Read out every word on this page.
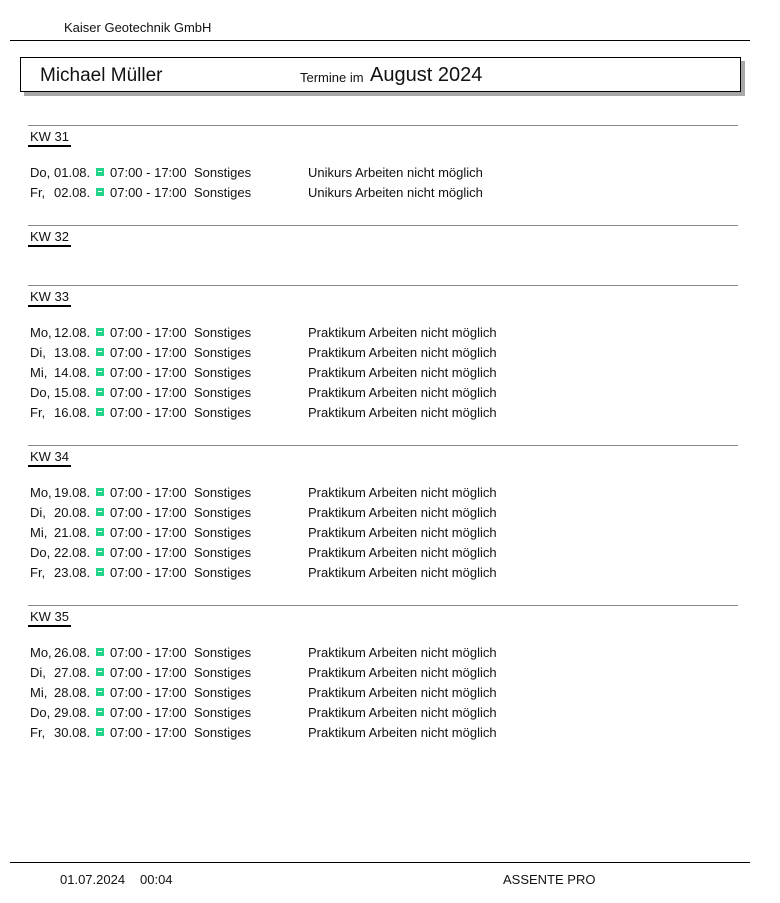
Kaiser Geotechnik GmbH
Michael Müller	Termine im August 2024
KW 31
Do, 01.08. 07:00 - 17:00 Sonstiges	Unikurs Arbeiten nicht möglich
Fr, 02.08. 07:00 - 17:00 Sonstiges	Unikurs Arbeiten nicht möglich
KW 32
KW 33
Mo, 12.08. 07:00 - 17:00 Sonstiges	Praktikum Arbeiten nicht möglich
Di, 13.08. 07:00 - 17:00 Sonstiges	Praktikum Arbeiten nicht möglich
Mi, 14.08. 07:00 - 17:00 Sonstiges	Praktikum Arbeiten nicht möglich
Do, 15.08. 07:00 - 17:00 Sonstiges	Praktikum Arbeiten nicht möglich
Fr, 16.08. 07:00 - 17:00 Sonstiges	Praktikum Arbeiten nicht möglich
KW 34
Mo, 19.08. 07:00 - 17:00 Sonstiges	Praktikum Arbeiten nicht möglich
Di, 20.08. 07:00 - 17:00 Sonstiges	Praktikum Arbeiten nicht möglich
Mi, 21.08. 07:00 - 17:00 Sonstiges	Praktikum Arbeiten nicht möglich
Do, 22.08. 07:00 - 17:00 Sonstiges	Praktikum Arbeiten nicht möglich
Fr, 23.08. 07:00 - 17:00 Sonstiges	Praktikum Arbeiten nicht möglich
KW 35
Mo, 26.08. 07:00 - 17:00 Sonstiges	Praktikum Arbeiten nicht möglich
Di, 27.08. 07:00 - 17:00 Sonstiges	Praktikum Arbeiten nicht möglich
Mi, 28.08. 07:00 - 17:00 Sonstiges	Praktikum Arbeiten nicht möglich
Do, 29.08. 07:00 - 17:00 Sonstiges	Praktikum Arbeiten nicht möglich
Fr, 30.08. 07:00 - 17:00 Sonstiges	Praktikum Arbeiten nicht möglich
01.07.2024 00:04	ASSENTE PRO
